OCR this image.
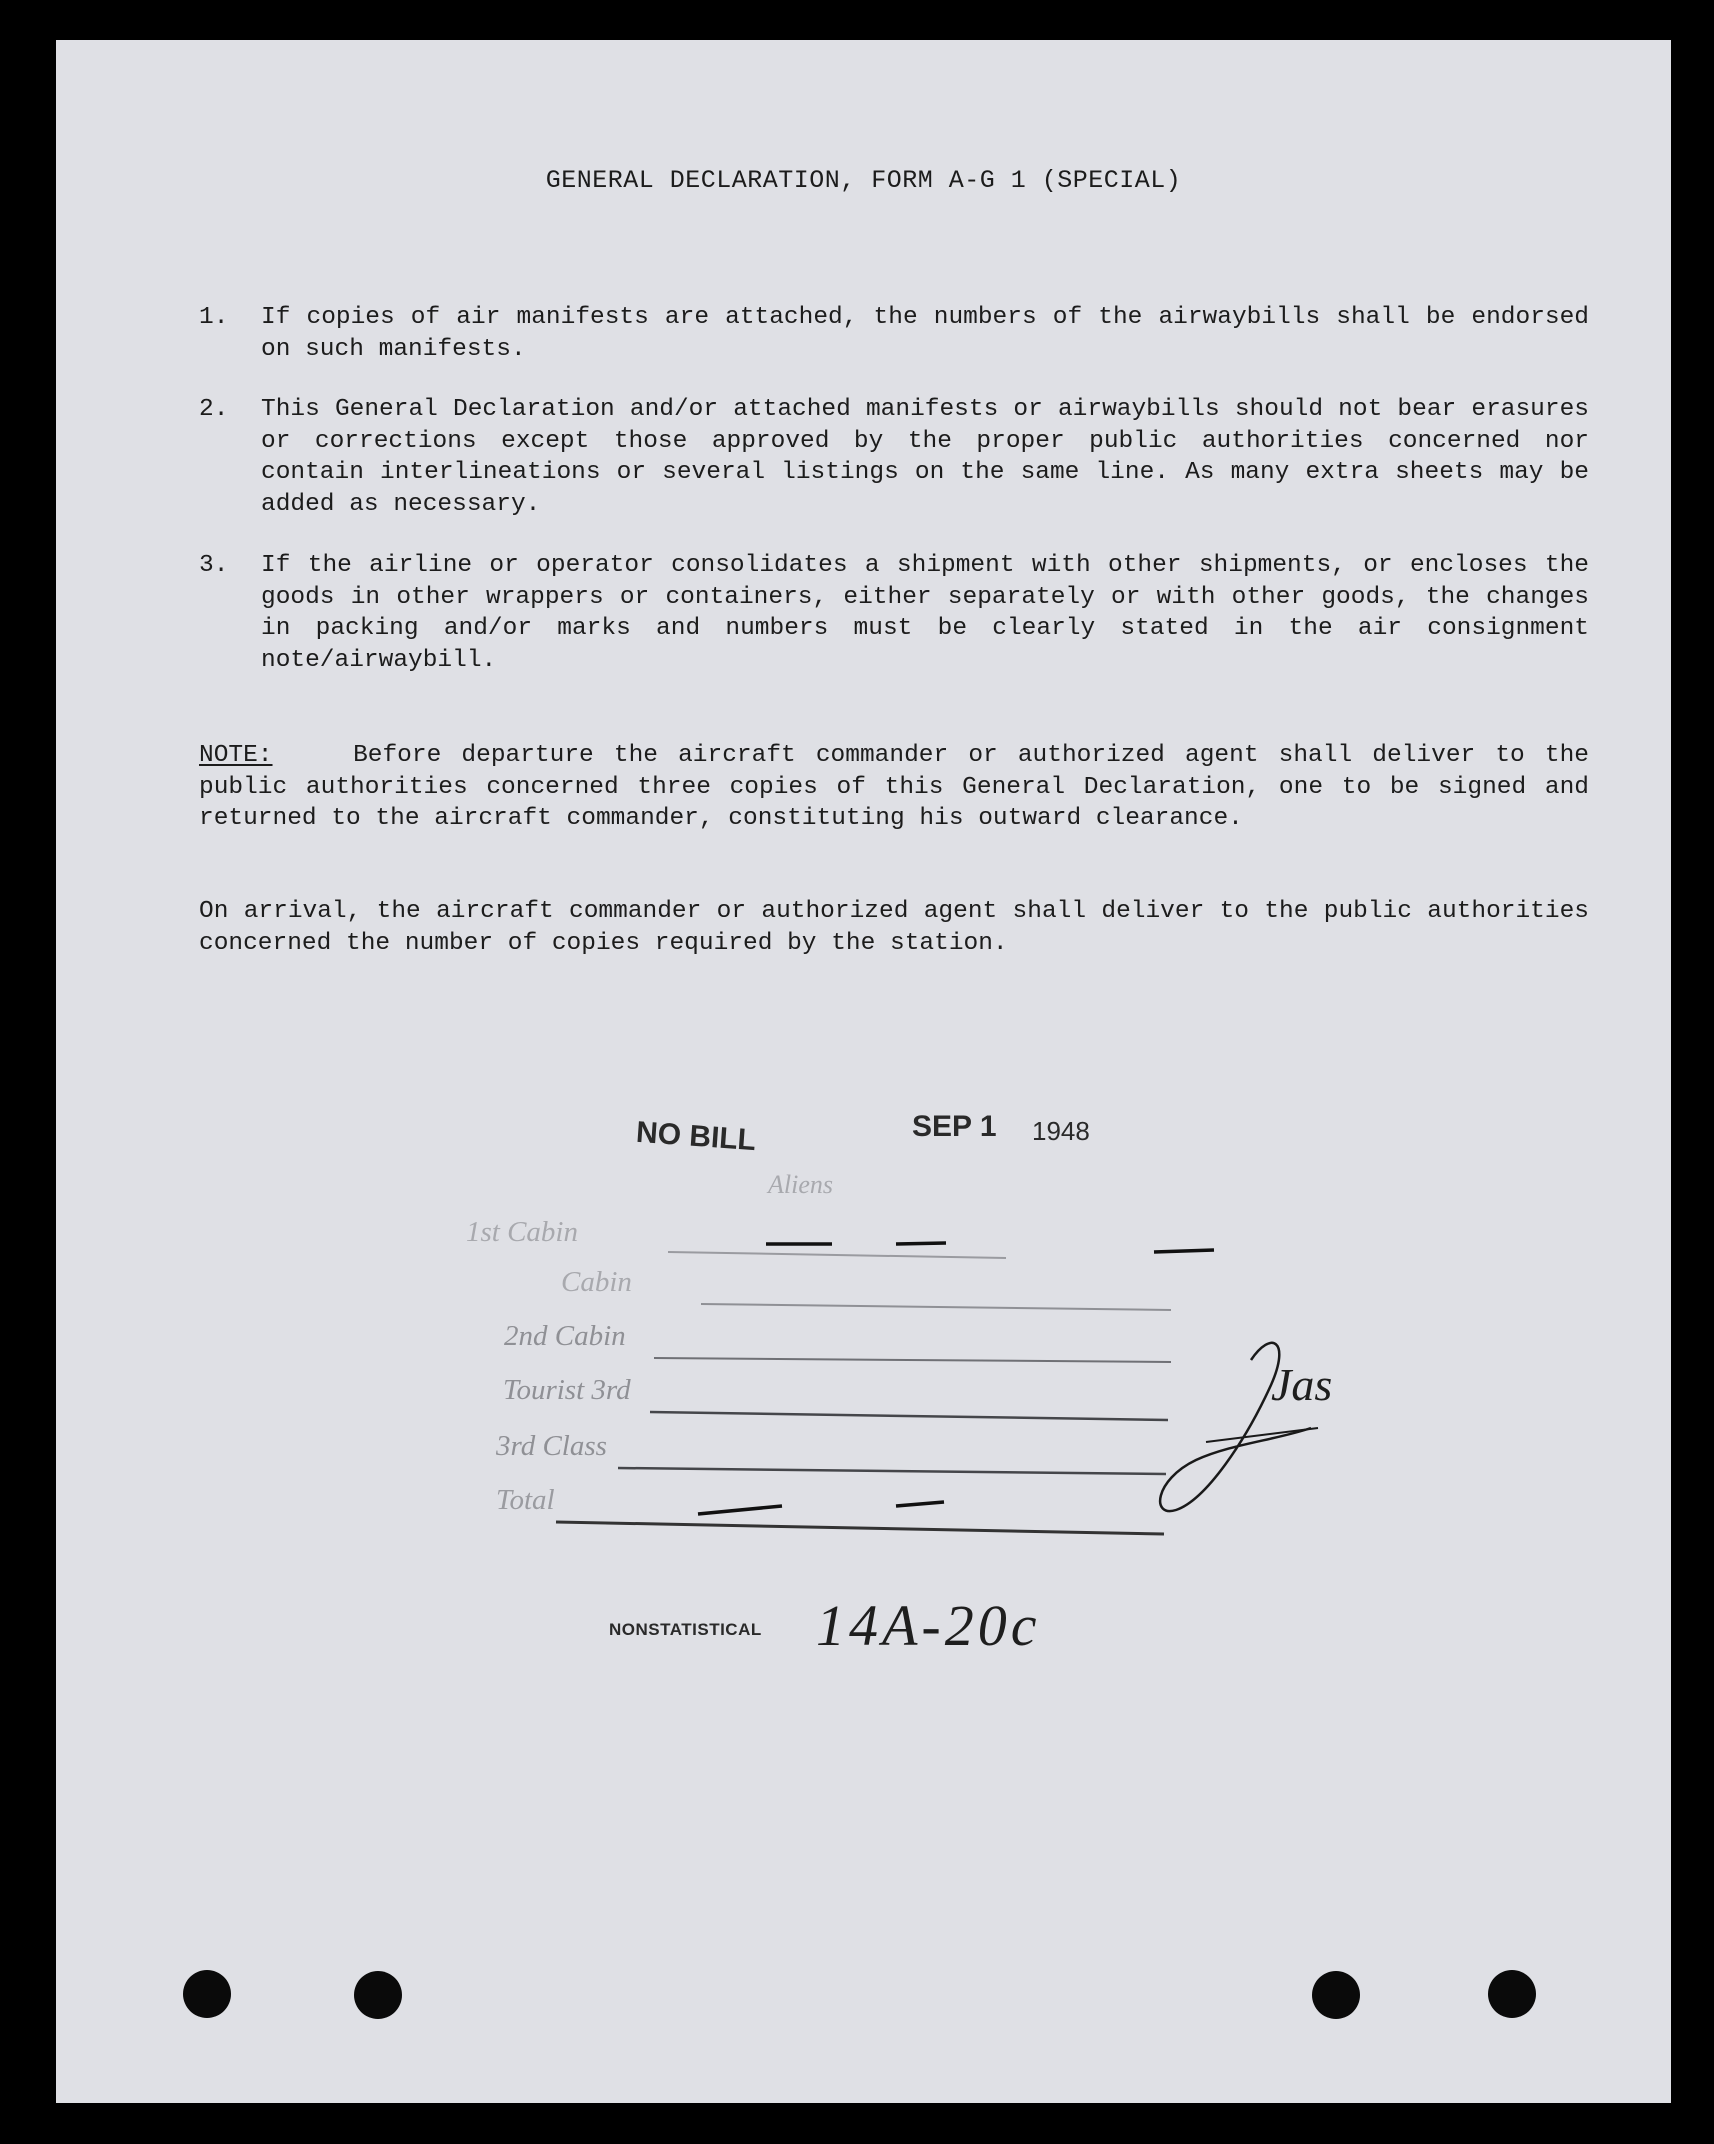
GENERAL DECLARATION, FORM A-G 1 (SPECIAL)
1.	If copies of air manifests are attached, the numbers of the airwaybills shall be endorsed on such manifests.
2.	This General Declaration and/or attached manifests or airwaybills should not bear erasures or corrections except those approved by the proper public authorities concerned nor contain interlineations or several listings on the same line. As many extra sheets may be added as necessary.
3.	If the airline or operator consolidates a shipment with other shipments, or encloses the goods in other wrappers or containers, either separately or with other goods, the changes in packing and/or marks and numbers must be clearly stated in the air consignment note/airwaybill.
NOTE:	Before departure the aircraft commander or authorized agent shall deliver to the public authorities concerned three copies of this General Declaration, one to be signed and returned to the aircraft commander, constituting his outward clearance.
On arrival, the aircraft commander or authorized agent shall deliver to the public authorities concerned the number of copies required by the station.
NO BILL	SEP 1 1948
Aliens
1st Cabin
Cabin
2nd Cabin
Tourist 3rd
3rd Class
Total
Jas
NONSTATISTICAL 14A-20c
